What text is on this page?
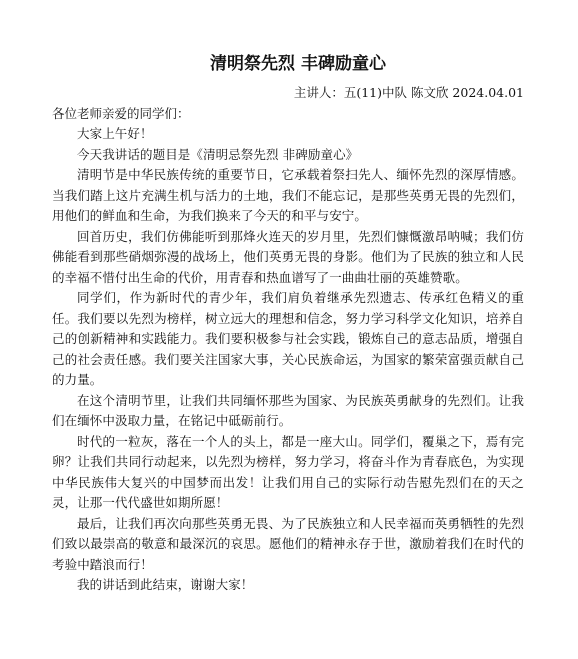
清明祭先烈 丰碑励童心

主讲人：五(11)中队 陈文欣 2024.04.01

各位老师亲爱的同学们：

大家上午好！

今天我讲话的题目是《清明忌祭先烈 非碑励童心》

清明节是中华民族传统的重要节日，它承载着祭扫先人、缅怀先烈的深厚情感。当我们踏上这片充满生机与活力的土地，我们不能忘记，是那些英勇无畏的先烈们，用他们的鲜血和生命，为我们换来了今天的和平与安宁。

回首历史，我们仿佛能听到那烽火连天的岁月里，先烈们慷慨激昂呐喊；我们仿佛能看到那些硝烟弥漫的战场上，他们英勇无畏的身影。他们为了民族的独立和人民的幸福不惜付出生命的代价，用青春和热血谱写了一曲曲壮丽的英雄赞歌。

同学们，作为新时代的青少年，我们肩负着继承先烈遗志、传承红色精义的重任。我们要以先烈为榜样，树立远大的理想和信念，努力学习科学文化知识，培养自己的创新精神和实践能力。我们要积极参与社会实践，锻炼自己的意志品质，增强自己的社会责任感。我们要关注国家大事，关心民族命运，为国家的繁荣富强贡献自己的力量。

在这个清明节里，让我们共同缅怀那些为国家、为民族英勇献身的先烈们。让我们在缅怀中汲取力量，在铭记中砥砺前行。

时代的一粒灰，落在一个人的头上，都是一座大山。同学们，覆巢之下，焉有完卵？让我们共同行动起来，以先烈为榜样，努力学习，将奋斗作为青春底色，为实现中华民族伟大复兴的中国梦而出发！让我们用自己的实际行动告慰先烈们在的天之灵，让那一代代盛世如期所愿！

最后，让我们再次向那些英勇无畏、为了民族独立和人民幸福而英勇牺牲的先烈们致以最崇高的敬意和最深沉的哀思。愿他们的精神永存于世，激励着我们在时代的考验中踏浪而行！

我的讲话到此结束，谢谢大家！
